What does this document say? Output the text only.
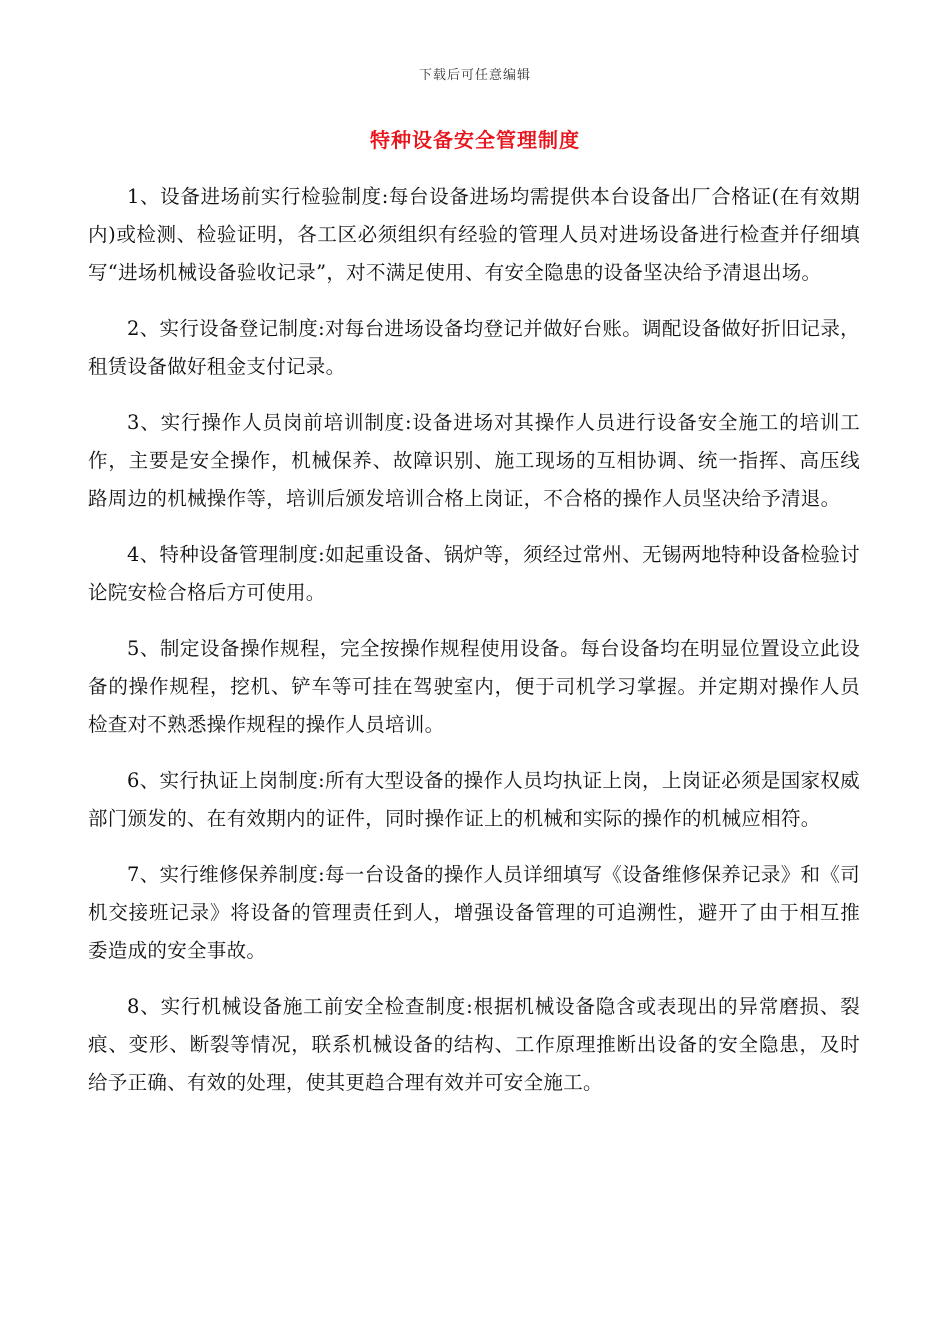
下载后可任意编辑
特种设备安全管理制度

1、设备进场前实行检验制度:每台设备进场均需提供本台设备出厂合格证(在有效期内)或检测、检验证明，各工区必须组织有经验的管理人员对进场设备进行检查并仔细填写“进场机械设备验收记录”，对不满足使用、有安全隐患的设备坚决给予清退出场。

2、实行设备登记制度:对每台进场设备均登记并做好台账。调配设备做好折旧记录，租赁设备做好租金支付记录。

3、实行操作人员岗前培训制度:设备进场对其操作人员进行设备安全施工的培训工作，主要是安全操作，机械保养、故障识别、施工现场的互相协调、统一指挥、高压线路周边的机械操作等，培训后颁发培训合格上岗证，不合格的操作人员坚决给予清退。

4、特种设备管理制度:如起重设备、锅炉等，须经过常州、无锡两地特种设备检验讨论院安检合格后方可使用。

5、制定设备操作规程，完全按操作规程使用设备。每台设备均在明显位置设立此设备的操作规程，挖机、铲车等可挂在驾驶室内，便于司机学习掌握。并定期对操作人员检查对不熟悉操作规程的操作人员培训。

6、实行执证上岗制度:所有大型设备的操作人员均执证上岗，上岗证必须是国家权威部门颁发的、在有效期内的证件，同时操作证上的机械和实际的操作的机械应相符。

7、实行维修保养制度:每一台设备的操作人员详细填写《设备维修保养记录》和《司机交接班记录》将设备的管理责任到人，增强设备管理的可追溯性，避开了由于相互推委造成的安全事故。

8、实行机械设备施工前安全检查制度:根据机械设备隐含或表现出的异常磨损、裂痕、变形、断裂等情况，联系机械设备的结构、工作原理推断出设备的安全隐患，及时给予正确、有效的处理，使其更趋合理有效并可安全施工。
